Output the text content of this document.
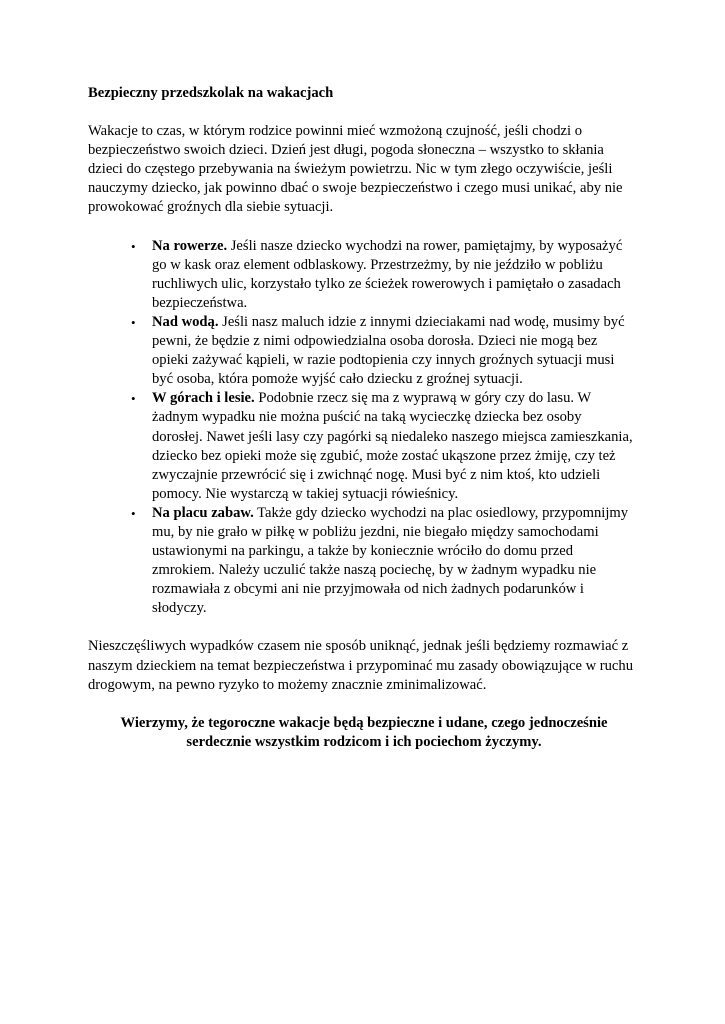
Bezpieczny przedszkolak na wakacjach

Wakacje to czas, w którym rodzice powinni mieć wzmożoną czujność, jeśli chodzi o bezpieczeństwo swoich dzieci. Dzień jest długi, pogoda słoneczna – wszystko to skłania dzieci do częstego przebywania na świeżym powietrzu. Nic w tym złego oczywiście, jeśli nauczymy dziecko, jak powinno dbać o swoje bezpieczeństwo i czego musi unikać, aby nie prowokować groźnych dla siebie sytuacji.

• Na rowerze. Jeśli nasze dziecko wychodzi na rower, pamiętajmy, by wyposażyć go w kask oraz element odblaskowy. Przestrzeżmy, by nie jeździło w pobliżu ruchliwych ulic, korzystało tylko ze ścieżek rowerowych i pamiętało o zasadach bezpieczeństwa.
• Nad wodą. Jeśli nasz maluch idzie z innymi dzieciakami nad wodę, musimy być pewni, że będzie z nimi odpowiedzialna osoba dorosła. Dzieci nie mogą bez opieki zażywać kąpieli, w razie podtopienia czy innych groźnych sytuacji musi być osoba, która pomoże wyjść cało dziecku z groźnej sytuacji.
• W górach i lesie. Podobnie rzecz się ma z wyprawą w góry czy do lasu. W żadnym wypadku nie można puścić na taką wycieczkę dziecka bez osoby dorosłej. Nawet jeśli lasy czy pagórki są niedaleko naszego miejsca zamieszkania, dziecko bez opieki może się zgubić, może zostać ukąszone przez żmiję, czy też zwyczajnie przewrócić się i zwichnąć nogę. Musi być z nim ktoś, kto udzieli pomocy. Nie wystarczą w takiej sytuacji rówieśnicy.
• Na placu zabaw. Także gdy dziecko wychodzi na plac osiedlowy, przypomnijmy mu, by nie grało w piłkę w pobliżu jezdni, nie biegało między samochodami ustawionymi na parkingu, a także by koniecznie wróciło do domu przed zmrokiem. Należy uczulić także naszą pociechę, by w żadnym wypadku nie rozmawiała z obcymi ani nie przyjmowała od nich żadnych podarunków i słodyczy.

Nieszczęśliwych wypadków czasem nie sposób uniknąć, jednak jeśli będziemy rozmawiać z naszym dzieckiem na temat bezpieczeństwa i przypominać mu zasady obowiązujące w ruchu drogowym, na pewno ryzyko to możemy znacznie zminimalizować.

Wierzymy, że tegoroczne wakacje będą bezpieczne i udane, czego jednocześnie
serdecznie wszystkim rodzicom i ich pociechom życzymy.
